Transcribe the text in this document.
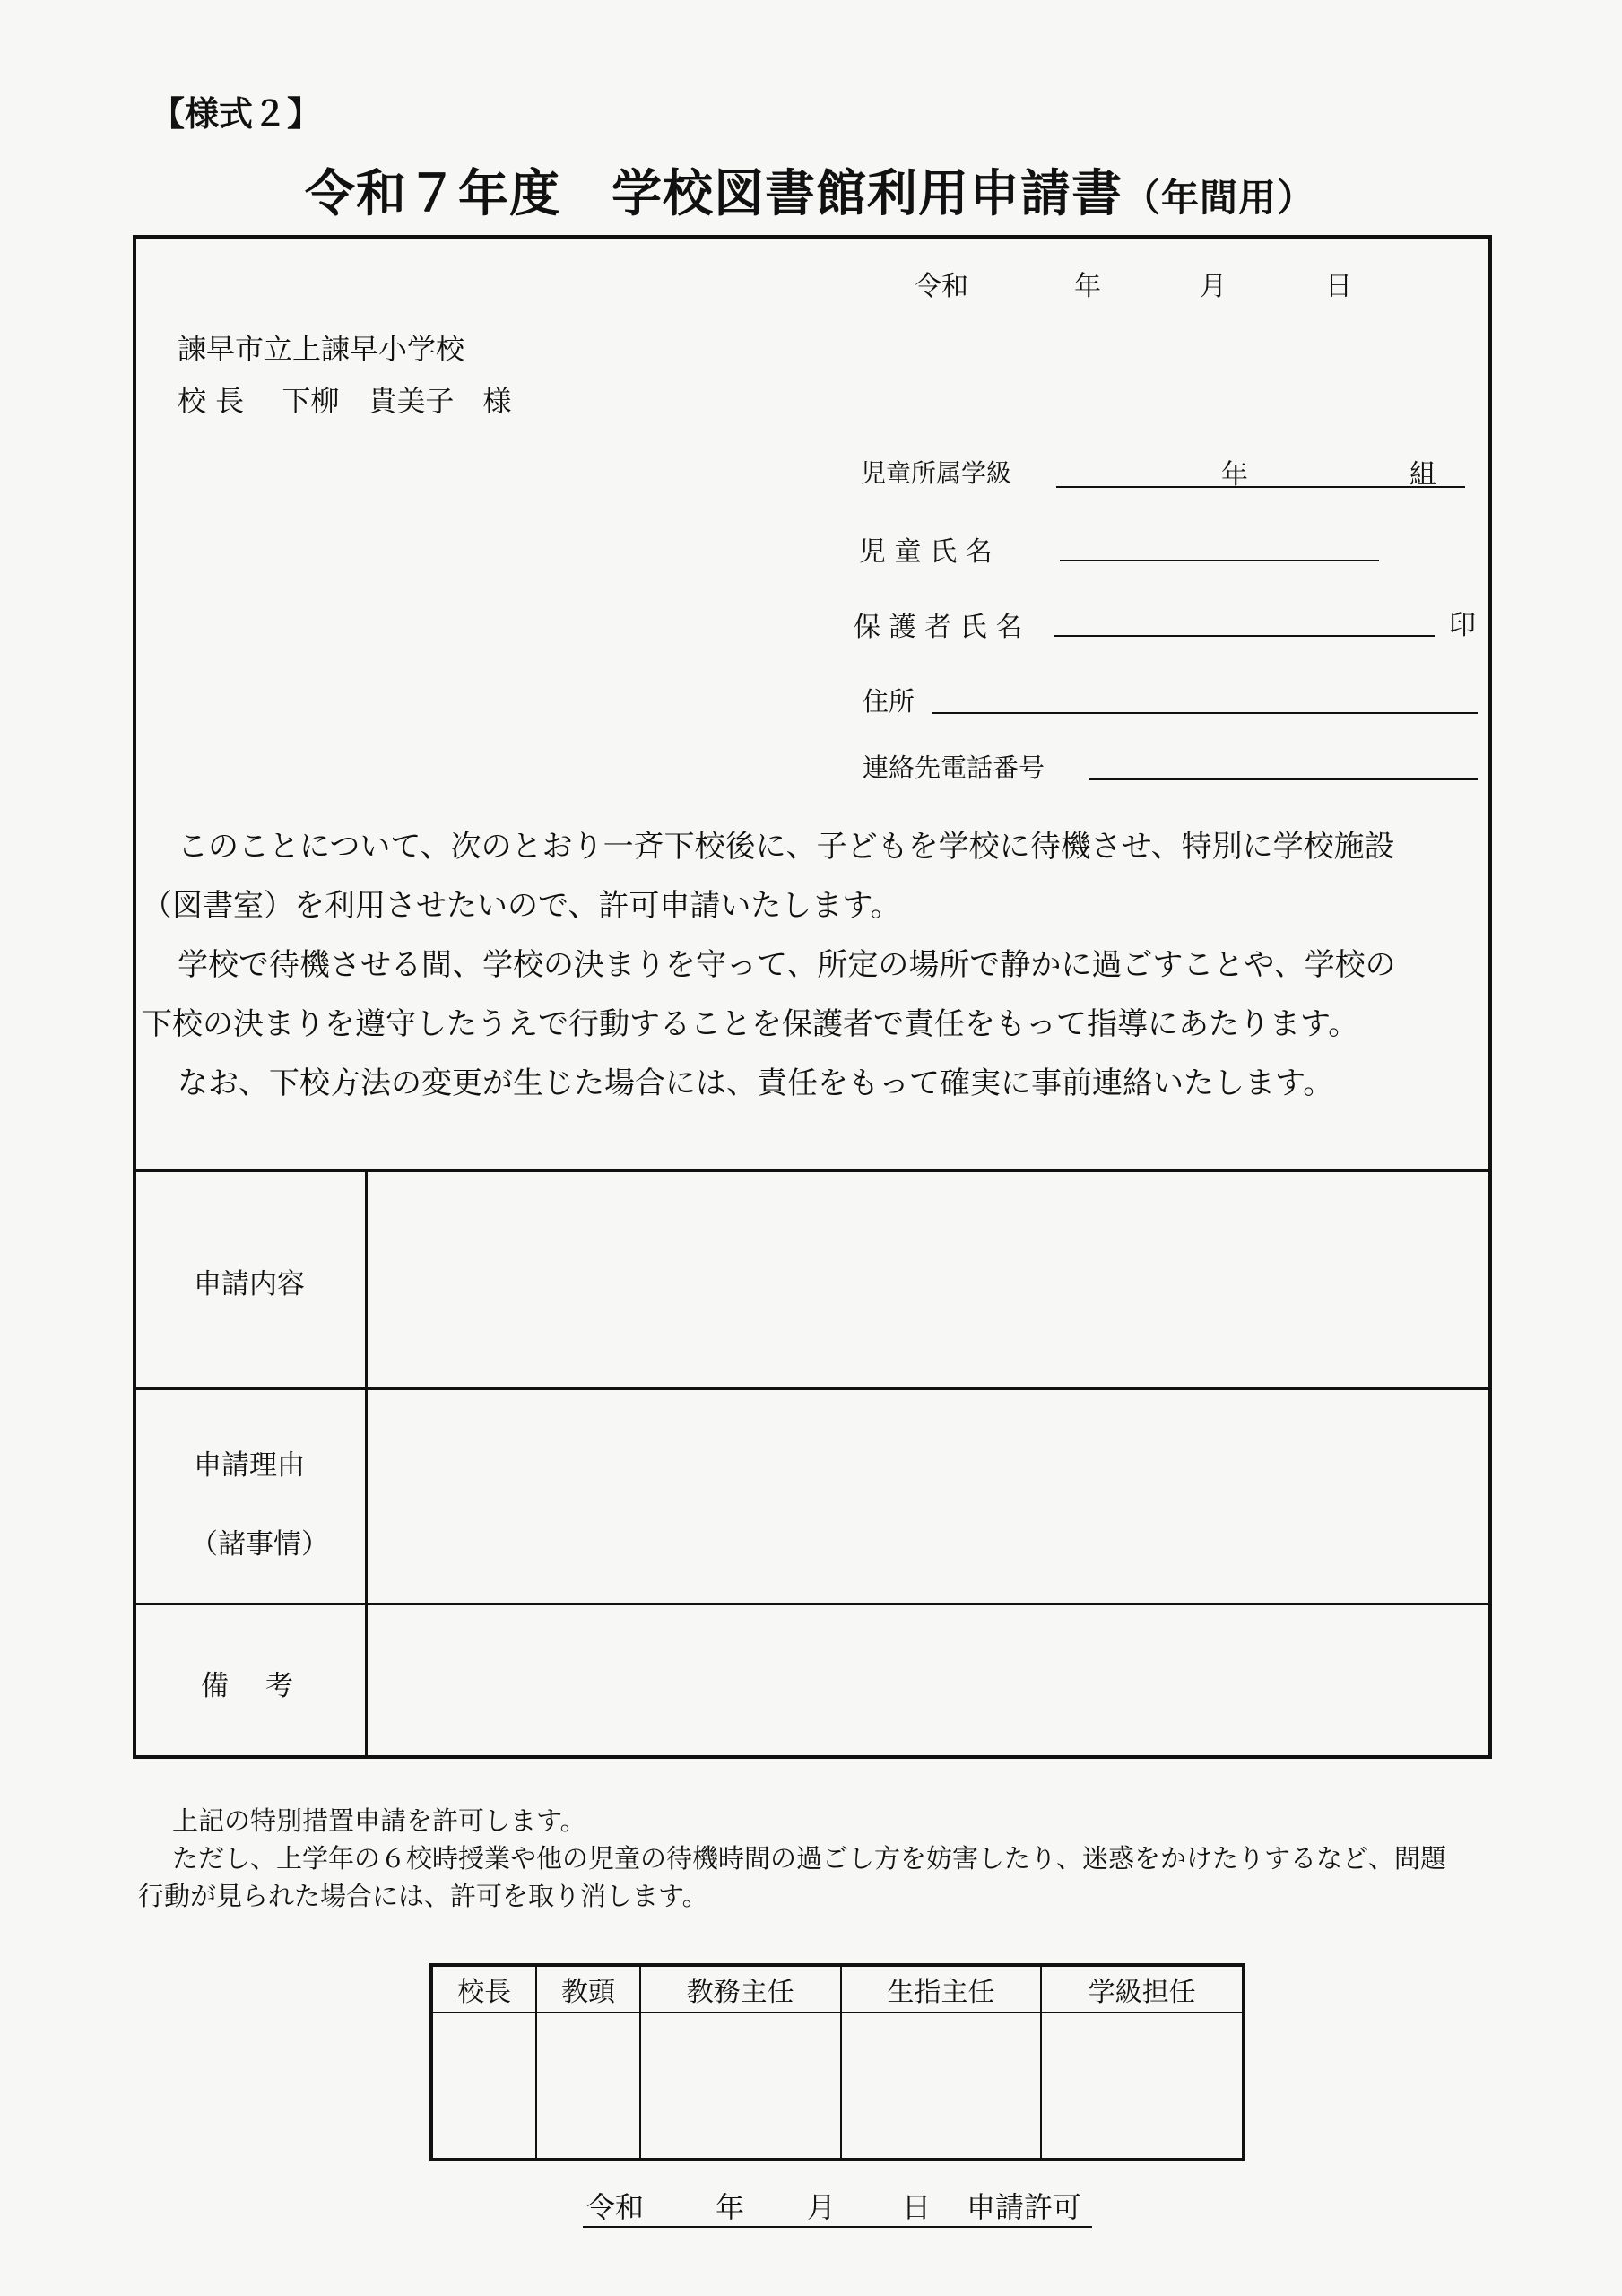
【様式２】
令和７年度　学校図書館利用申請書（年間用）
令和	年	月	日
諫早市立上諫早小学校
校 長　 下柳　貴美子　様
児童所属学級	年	組
児 童 氏 名
保 護 者 氏 名	印
住所
連絡先電話番号
このことについて、次のとおり一斉下校後に、子どもを学校に待機させ、特別に学校施設
（図書室）を利用させたいので、許可申請いたします。
学校で待機させる間、学校の決まりを守って、所定の場所で静かに過ごすことや、学校の
下校の決まりを遵守したうえで行動することを保護者で責任をもって指導にあたります。
なお、下校方法の変更が生じた場合には、責任をもって確実に事前連絡いたします。
申請内容
申請理由
（諸事情）
備　 考
上記の特別措置申請を許可します。
ただし、上学年の６校時授業や他の児童の待機時間の過ごし方を妨害したり、迷惑をかけたりするなど、問題
行動が見られた場合には、許可を取り消します。
校長	教頭	教務主任	生指主任	学級担任

令和 年 月 日 申請許可
